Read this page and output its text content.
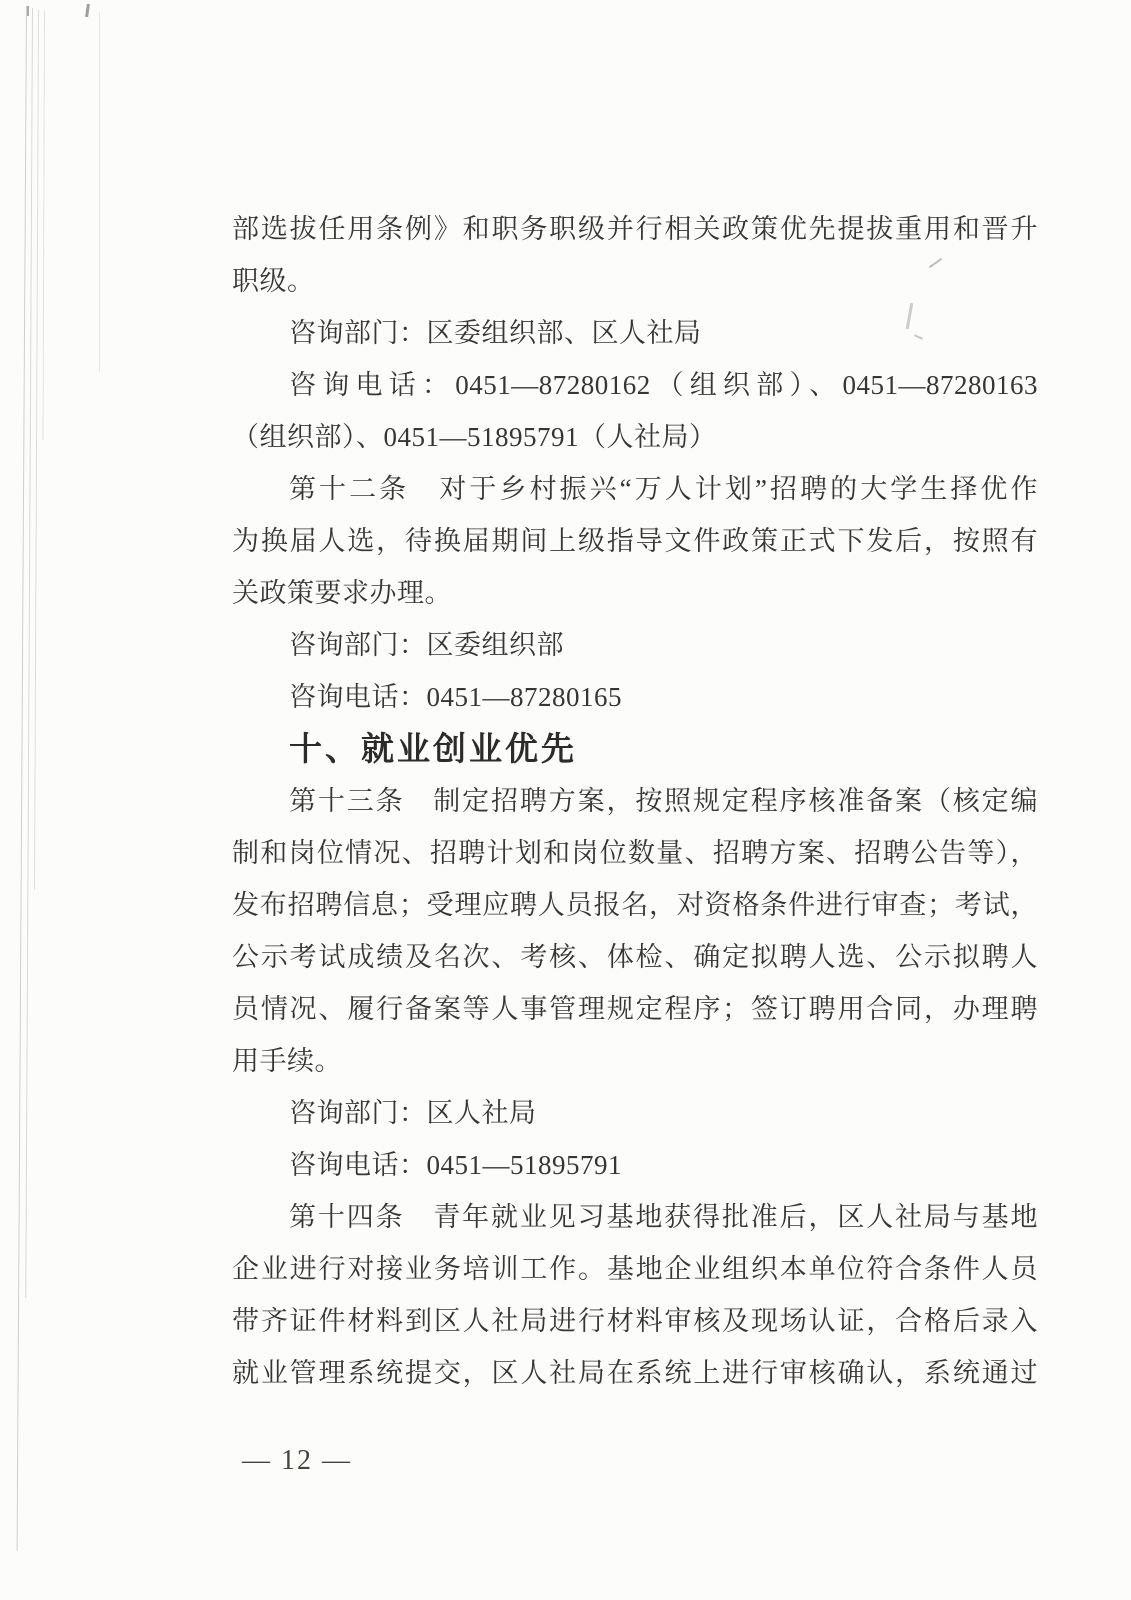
部选拔任用条例》和职务职级并行相关政策优先提拔重用和晋升
职级。
咨询部门：区委组织部、区人社局
咨询电话：0451—87280162（组织部）、0451—87280163
（组织部）、0451—51895791（人社局）
第十二条　对于乡村振兴“万人计划”招聘的大学生择优作
为换届人选，待换届期间上级指导文件政策正式下发后，按照有
关政策要求办理。
咨询部门：区委组织部
咨询电话：0451—87280165
十、就业创业优先
第十三条　制定招聘方案，按照规定程序核准备案（核定编
制和岗位情况、招聘计划和岗位数量、招聘方案、招聘公告等），
发布招聘信息；受理应聘人员报名，对资格条件进行审查；考试，
公示考试成绩及名次、考核、体检、确定拟聘人选、公示拟聘人
员情况、履行备案等人事管理规定程序；签订聘用合同，办理聘
用手续。
咨询部门：区人社局
咨询电话：0451—51895791
第十四条　青年就业见习基地获得批准后，区人社局与基地
企业进行对接业务培训工作。基地企业组织本单位符合条件人员
带齐证件材料到区人社局进行材料审核及现场认证，合格后录入
就业管理系统提交，区人社局在系统上进行审核确认，系统通过
— 12 —
